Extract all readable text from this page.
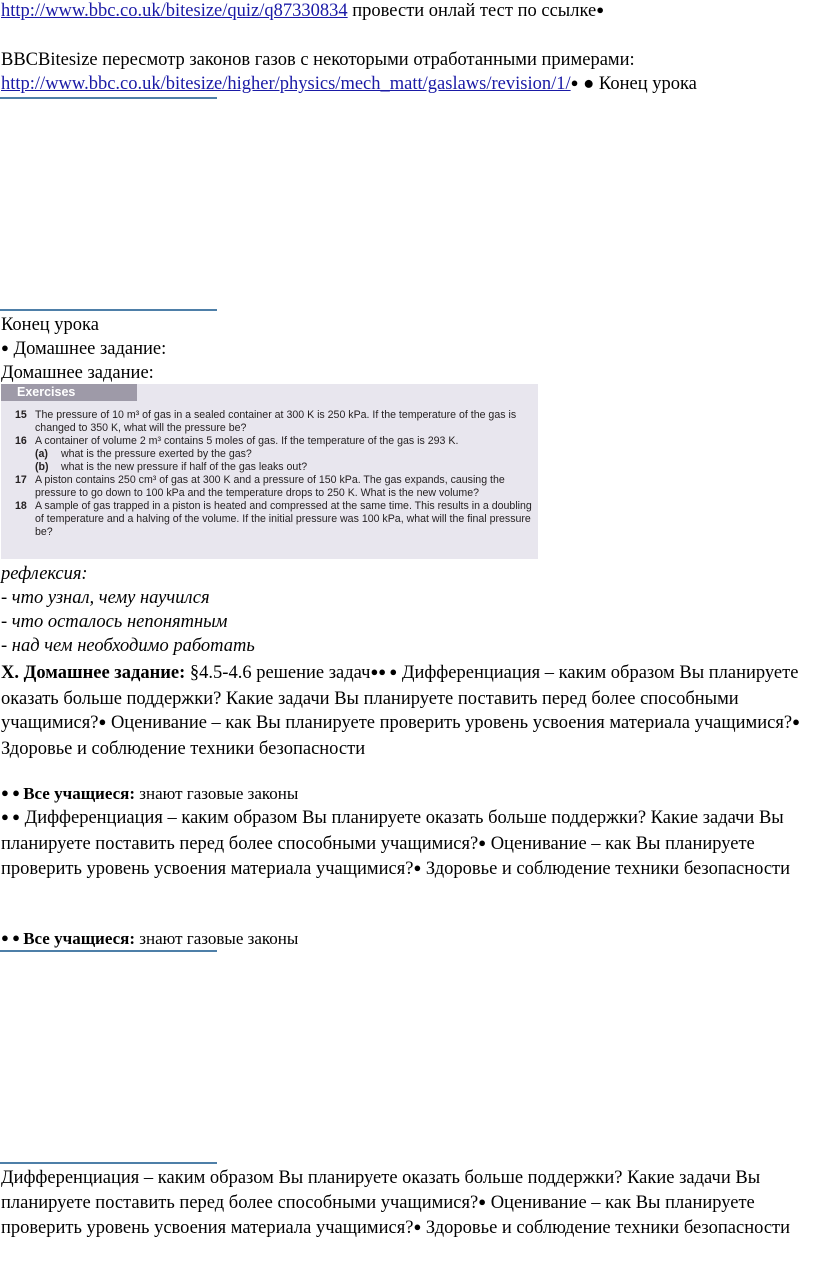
http://www.bbc.co.uk/bitesize/quiz/q87330834 провести онлай тест по ссылке●
BBCBitesize пересмотр законов газов с некоторыми отработанными примерами:
http://www.bbc.co.uk/bitesize/higher/physics/mech_matt/gaslaws/revision/1/● ● Конец урока
Конец урока
● Домашнее задание:
Домашнее задание:
Exercises
15 The pressure of 10 m³ of gas in a sealed container at 300 K is 250 kPa. If the temperature of the gas is changed to 350 K, what will the pressure be?
16 A container of volume 2 m³ contains 5 moles of gas. If the temperature of the gas is 293 K.
(a) what is the pressure exerted by the gas?
(b) what is the new pressure if half of the gas leaks out?
17 A piston contains 250 cm³ of gas at 300 K and a pressure of 150 kPa. The gas expands, causing the pressure to go down to 100 kPa and the temperature drops to 250 K. What is the new volume?
18 A sample of gas trapped in a piston is heated and compressed at the same time. This results in a doubling of temperature and a halving of the volume. If the initial pressure was 100 kPa, what will the final pressure be?
рефлексия:
- что узнал, чему научился
- что осталось непонятным
- над чем необходимо работать
X. Домашнее задание: §4.5-4.6 решение задач●● ● Дифференциация – каким образом Вы планируете оказать больше поддержки? Какие задачи Вы планируете поставить перед более способными учащимися?● Оценивание – как Вы планируете проверить уровень усвоения материала учащимися?● Здоровье и соблюдение техники безопасности
● ● Все учащиеся: знают газовые законы
● ● Дифференциация – каким образом Вы планируете оказать больше поддержки? Какие задачи Вы планируете поставить перед более способными учащимися?● Оценивание – как Вы планируете проверить уровень усвоения материала учащимися?● Здоровье и соблюдение техники безопасности
● ● Все учащиеся: знают газовые законы
Дифференциация – каким образом Вы планируете оказать больше поддержки? Какие задачи Вы планируете поставить перед более способными учащимися?● Оценивание – как Вы планируете проверить уровень усвоения материала учащимися?● Здоровье и соблюдение техники безопасности
